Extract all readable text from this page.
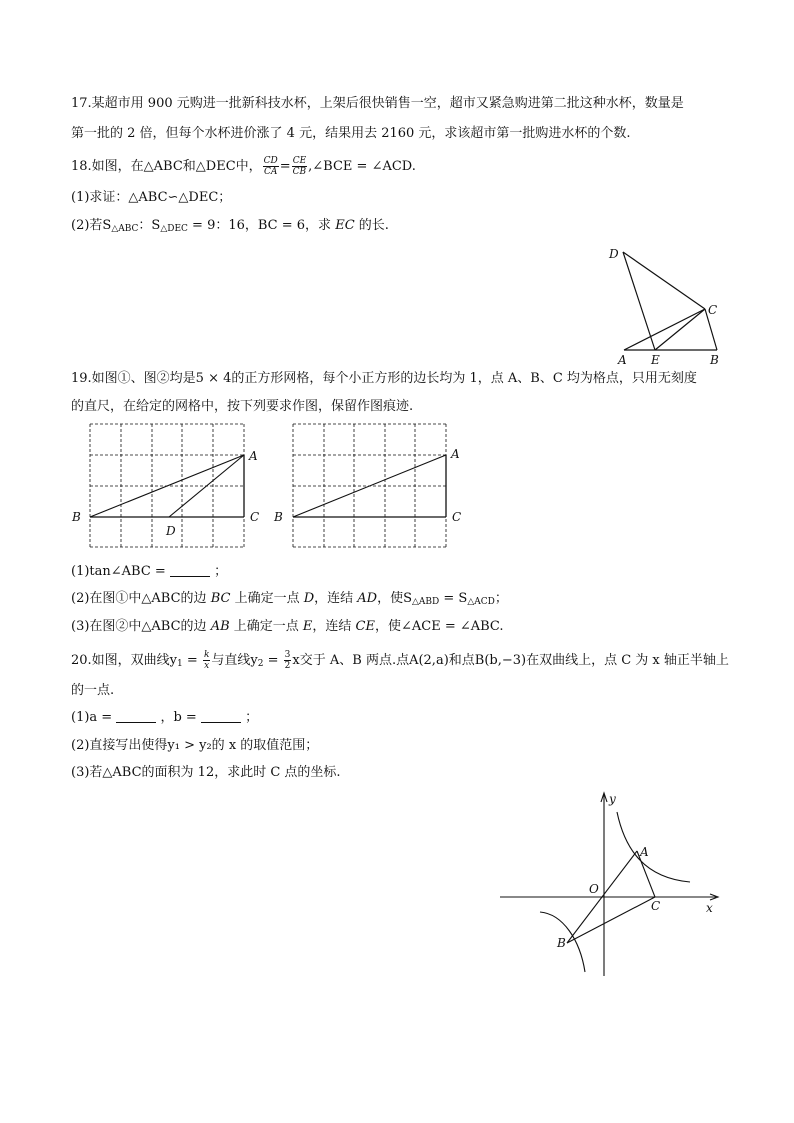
17.某超市用 900 元购进一批新科技水杯，上架后很快销售一空，超市又紧急购进第二批这种水杯，数量是
第一批的 2 倍，但每个水杯进价涨了 4 元，结果用去 2160 元，求该超市第一批购进水杯的个数.
18.如图，在△ABC和△DEC中， $\frac{CD}{CA} = \frac{CE}{CB}$ ,∠BCE = ∠ACD.
(1)求证：△ABC∽△DEC；
(2)若$S_{\triangle ABC}$：$S_{\triangle DEC} = 9$：16，BC = 6，求 EC 的长.
D
C
A E	B
19.如图①、图②均是5 × 4的正方形网格，每个小正方形的边长均为 1，点 A、B、C 均为格点，只用无刻度
的直尺，在给定的网格中，按下列要求作图，保留作图痕迹.
A
B	C
D
A
B	C
(1)tan∠ABC =	；
(2)在图①中△ABC的边 BC 上确定一点 D，连结 AD，使$S_{\triangle ABD} = S_{\triangle ACD}$；
(3)在图②中△ABC的边 AB 上确定一点 E，连结 CE，使∠ACE = ∠ABC.
20.如图，双曲线$y_1 = \frac{k}{x}$ 与直线$y_2 = \frac{3}{2}$ x交于 A、B 两点.点A(2,a)和点B(b,−3)在双曲线上，点 C 为 x 轴正半轴上
的一点.
(1)a =	，b =	；
(2)直接写出使得y₁ > y₂的 x 的取值范围；
(3)若△ABC的面积为 12，求此时 C 点的坐标.
y
x
O
A
B
C
